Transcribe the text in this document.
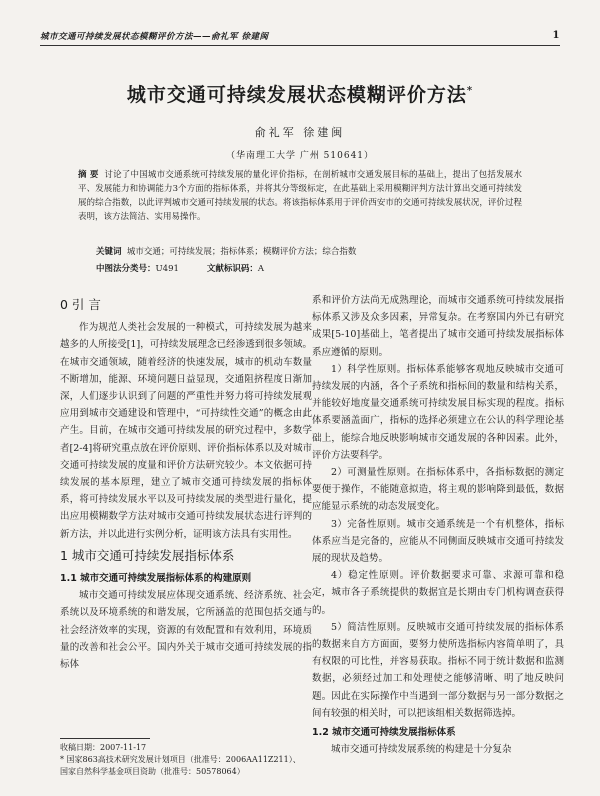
城市交通可持续发展状态模糊评价方法——俞礼军 徐建闽	1
城市交通可持续发展状态模糊评价方法*
俞礼军 徐建闽
（华南理工大学 广州 510641）
摘 要 讨论了中国城市交通系统可持续发展的量化评价指标，在剖析城市交通发展目标的基础上，提出了包括发展水平、发展能力和协调能力3个方面的指标体系，并将其分等级标定，在此基础上采用模糊评判方法计算出交通可持续发展的综合指数，以此评判城市交通可持续发展的状态。将该指标体系用于评价西安市的交通可持续发展状况，评价过程表明，该方法简洁、实用易操作。
关键词 城市交通；可持续发展；指标体系；模糊评价方法；综合指数
中图法分类号：U491	文献标识码：A
0 引 言

作为规范人类社会发展的一种模式，可持续发展为越来越多的人所接受[1]，可持续发展理念已经渗透到很多领域。在城市交通领域，随着经济的快速发展，城市的机动车数量不断增加，能源、环境问题日益显现，交通阻挤程度日渐加深，人们逐步认识到了问题的严重性并努力将可持续发展观应用到城市交通建设和管理中，“可持续性交通”的概念由此产生。目前，在城市交通可持续发展的研究过程中，多数学者[2-4]将研究重点放在评价原则、评价指标体系以及对城市交通可持续发展的度量和评价方法研究较少。本文依据可持续发展的基本原理，建立了城市交通可持续发展的指标体系，将可持续发展水平以及可持续发展的类型进行量化，提出应用模糊数学方法对城市交通可持续发展状态进行评判的新方法，并以此进行实例分析，证明该方法具有实用性。

1 城市交通可持续发展指标体系
1.1 城市交通可持续发展指标体系的构建原则

城市交通可持续发展应体现交通系统、经济系统、社会系统以及环境系统的和谐发展，它所涵盖的范围包括交通与社会经济效率的实现，资源的有效配置和有效利用，环境质量的改善和社会公平。国内外关于城市交通可持续发展的指标体

系和评价方法尚无成熟理论，而城市交通系统可持续发展指标体系又涉及众多因素，异常复杂。在考察国内外已有研究成果[5-10]基础上，笔者提出了城市交通可持续发展指标体系应遵循的原则。

1）科学性原则。指标体系能够客观地反映城市交通可持续发展的内涵，各个子系统和指标间的数量和结构关系，并能较好地度量交通系统可持续发展目标实现的程度。指标体系要涵盖面广，指标的选择必须建立在公认的科学理论基础上，能综合地反映影响城市交通发展的各种因素。此外，评价方法要科学。

2）可测量性原则。在指标体系中，各指标数据的测定要便于操作，不能随意拟造，将主观的影响降到最低，数据应能显示系统的动态发展变化。

3）完备性原则。城市交通系统是一个有机整体，指标体系应当是完备的，应能从不同侧面反映城市交通可持续发展的现状及趋势。

4）稳定性原则。评价数据要求可靠、求源可靠和稳定，城市各子系统提供的数据宜是长期由专门机构调查获得的。

5）简洁性原则。反映城市交通可持续发展的指标体系的数据来自方方面面，要努力使所选指标内容简单明了，具有权限的可比性，并容易获取。指标不同于统计数据和监测数据，必须经过加工和处理使之能够清晰、明了地反映问题。因此在实际操作中当遇到一部分数据与另一部分数据之间有较强的相关时，可以把该组相关数据筛选掉。

1.2 城市交通可持续发展指标体系

城市交通可持续发展系统的构建是十分复杂

收稿日期：2007-11-17
* 国家863高技术研究发展计划项目（批准号：2006AA11Z211）、
国家自然科学基金项目资助（批准号：50578064）
